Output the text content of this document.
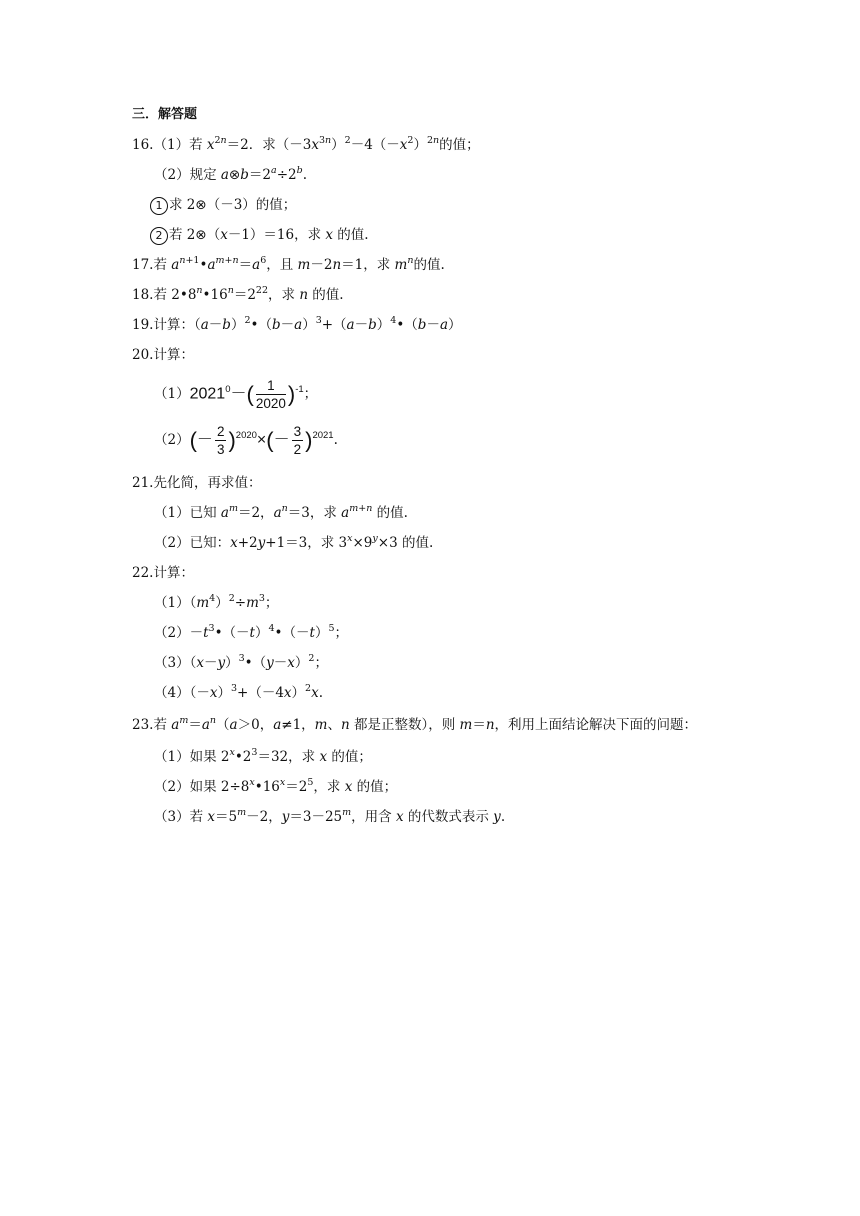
三．解答题
16.（1）若 $x^{2n}=2$．求$(-3x^{3n})^2-4(-x^2)^{2n}$的值；
（2）规定 $a\otimes b=2^a\div 2^b$.
1 求 2⊗（－3）的值；
2 若 2⊗（x－1）＝16，求 x 的值.
17.若 $a^{n+1}•a^{m+n}=a^6$，且 m－2n＝1，求 $m^n$的值.
18.若 $2•8^n•16^n=2^{22}$，求 n 的值.
19.计算：$(a-b)^2•(b-a)^3+(a-b)^4•(b-a)$
20.计算：
$(1)2021^0-( \frac{1}{2020} )^{-1}$；
$(2)(- \frac{2}{3} )^{2020}\times(- \frac{3}{2} )^{2021}$.
21.先化简，再求值：
（1）已知 $a^m=2$，$a^n=3$，求 $a^{m+n}$ 的值.
（2）已知：x+2y+1＝3，求 $3^x\times 9^y\times 3$ 的值.
22.计算：
$(1)(m^4)^2\div m^3$；
$(2)-t^3•(-t)^4•(-t)^5$；
$(3)(x-y)^3•(y-x)^2$；
$(4)(-x)^3+(-4x)^2x$.
23.若 $a^m=a^n(a>0$，a≠1，m、n 都是正整数），则 m＝n，利用上面结论解决下面的问题：
（1）如果 $2^x•2^3=32$，求 x 的值；
（2）如果 $2\div 8^x•16^x=2^5$，求 x 的值；
（3）若 $x=5^m-2$，$y=3-25^m$，用含 x 的代数式表示 y.
